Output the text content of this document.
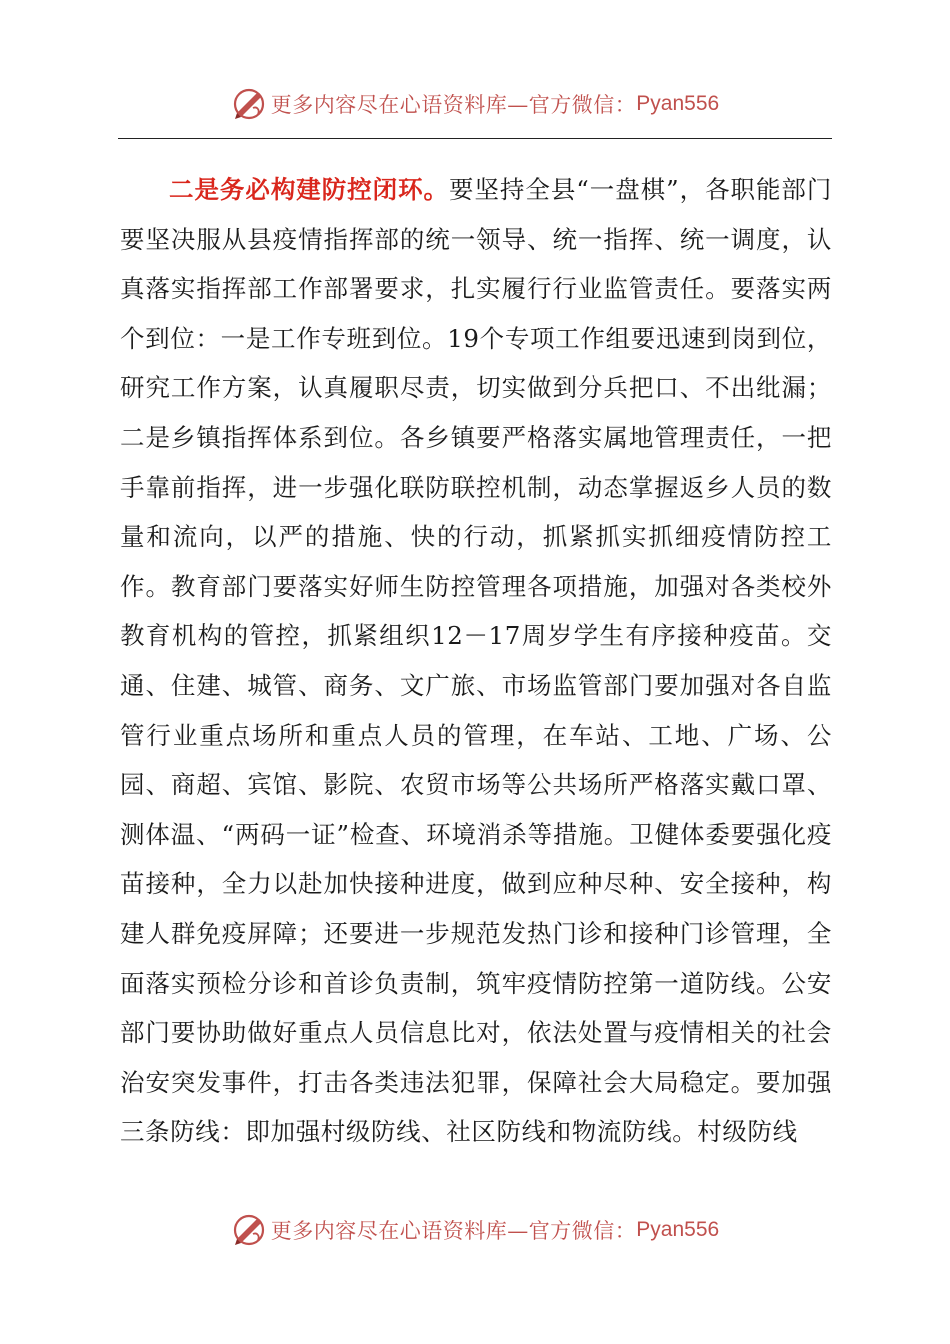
更多内容尽在心语资料库—官方微信： Pyan556

二是务必构建防控闭环。要坚持全县“一盘棋”，各职能部门要坚决服从县疫情指挥部的统一领导、统一指挥、统一调度，认真落实指挥部工作部署要求，扎实履行行业监管责任。要落实两个到位：一是工作专班到位。19个专项工作组要迅速到岗到位，研究工作方案，认真履职尽责，切实做到分兵把口、不出纰漏；二是乡镇指挥体系到位。各乡镇要严格落实属地管理责任，一把手靠前指挥，进一步强化联防联控机制，动态掌握返乡人员的数量和流向，以严的措施、快的行动，抓紧抓实抓细疫情防控工作。教育部门要落实好师生防控管理各项措施，加强对各类校外教育机构的管控，抓紧组织12－17周岁学生有序接种疫苗。交通、住建、城管、商务、文广旅、市场监管部门要加强对各自监管行业重点场所和重点人员的管理，在车站、工地、广场、公园、商超、宾馆、影院、农贸市场等公共场所严格落实戴口罩、测体温、“两码一证”检查、环境消杀等措施。卫健体委要强化疫苗接种，全力以赴加快接种进度，做到应种尽种、安全接种，构建人群免疫屏障；还要进一步规范发热门诊和接种门诊管理，全面落实预检分诊和首诊负责制，筑牢疫情防控第一道防线。公安部门要协助做好重点人员信息比对，依法处置与疫情相关的社会治安突发事件，打击各类违法犯罪，保障社会大局稳定。要加强三条防线：即加强村级防线、社区防线和物流防线。村级防线

更多内容尽在心语资料库—官方微信： Pyan556
